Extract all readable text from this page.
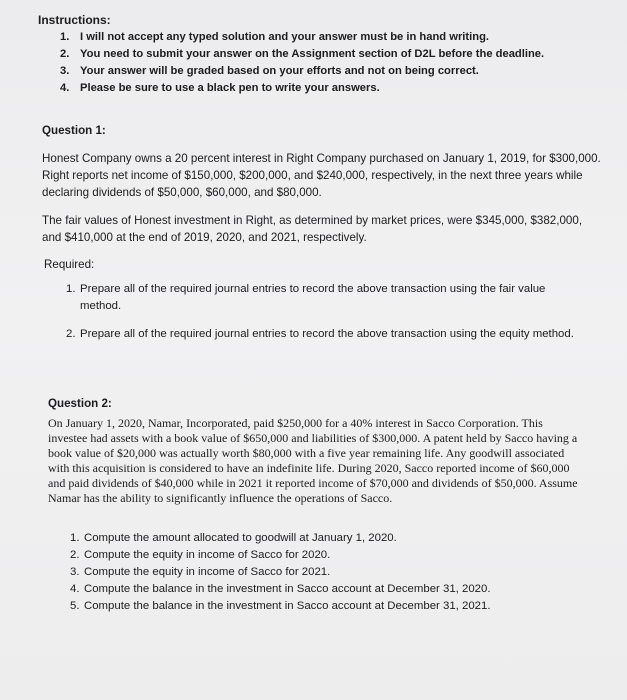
Instructions:
1. I will not accept any typed solution and your answer must be in hand writing.
2. You need to submit your answer on the Assignment section of D2L before the deadline.
3. Your answer will be graded based on your efforts and not on being correct.
4. Please be sure to use a black pen to write your answers.
Question 1:
Honest Company owns a 20 percent interest in Right Company purchased on January 1, 2019, for $300,000. Right reports net income of $150,000, $200,000, and $240,000, respectively, in the next three years while declaring dividends of $50,000, $60,000, and $80,000.
The fair values of Honest investment in Right, as determined by market prices, were $345,000, $382,000, and $410,000 at the end of 2019, 2020, and 2021, respectively.
Required:
1. Prepare all of the required journal entries to record the above transaction using the fair value method.
2. Prepare all of the required journal entries to record the above transaction using the equity method.
Question 2:
On January 1, 2020, Namar, Incorporated, paid $250,000 for a 40% interest in Sacco Corporation. This investee had assets with a book value of $650,000 and liabilities of $300,000. A patent held by Sacco having a book value of $20,000 was actually worth $80,000 with a five year remaining life. Any goodwill associated with this acquisition is considered to have an indefinite life. During 2020, Sacco reported income of $60,000 and paid dividends of $40,000 while in 2021 it reported income of $70,000 and dividends of $50,000. Assume Namar has the ability to significantly influence the operations of Sacco.
1. Compute the amount allocated to goodwill at January 1, 2020.
2. Compute the equity in income of Sacco for 2020.
3. Compute the equity in income of Sacco for 2021.
4. Compute the balance in the investment in Sacco account at December 31, 2020.
5. Compute the balance in the investment in Sacco account at December 31, 2021.
